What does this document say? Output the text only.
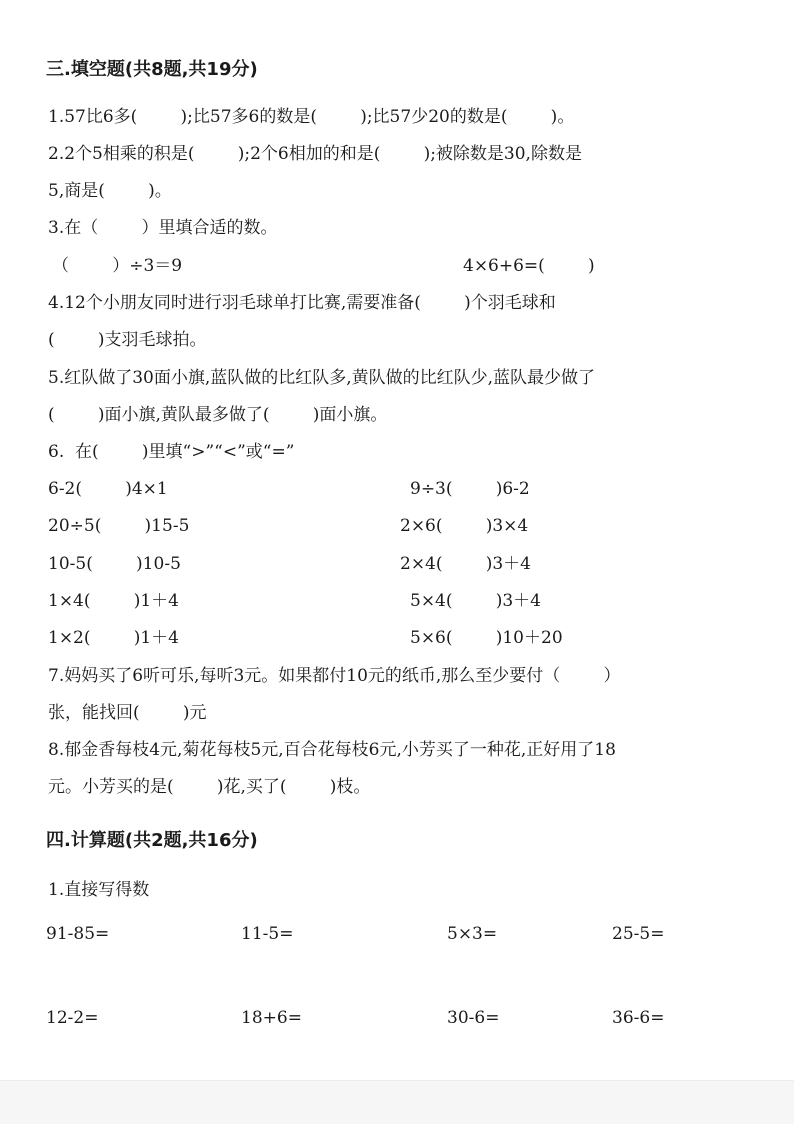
三.填空题(共8题,共19分)
1.57比6多(        );比57多6的数是(        );比57少20的数是(        )。
2.2个5相乘的积是(        );2个6相加的和是(        );被除数是30,除数是
5,商是(        )。
3.在（        ）里填合适的数。
（        ）÷3＝9	4×6+6=(        )
4.12个小朋友同时进行羽毛球单打比赛,需要准备(        )个羽毛球和
(        )支羽毛球拍。
5.红队做了30面小旗,蓝队做的比红队多,黄队做的比红队少,蓝队最少做了
(        )面小旗,黄队最多做了(        )面小旗。
6.  在(        )里填“>”“<”或“=”
6-2(        )4×1	9÷3(        )6-2
20÷5(        )15-5	2×6(        )3×4
10-5(        )10-5	2×4(        )3＋4
1×4(        )1＋4	5×4(        )3＋4
1×2(        )1＋4	5×6(        )10＋20
7.妈妈买了6听可乐,每听3元。如果都付10元的纸币,那么至少要付（        ）
张，能找回(        )元
8.郁金香每枝4元,菊花每枝5元,百合花每枝6元,小芳买了一种花,正好用了18
元。小芳买的是(        )花,买了(        )枝。
四.计算题(共2题,共16分)
1.直接写得数
91-85=	11-5=	5×3=	25-5=
12-2=	18+6=	30-6=	36-6=
